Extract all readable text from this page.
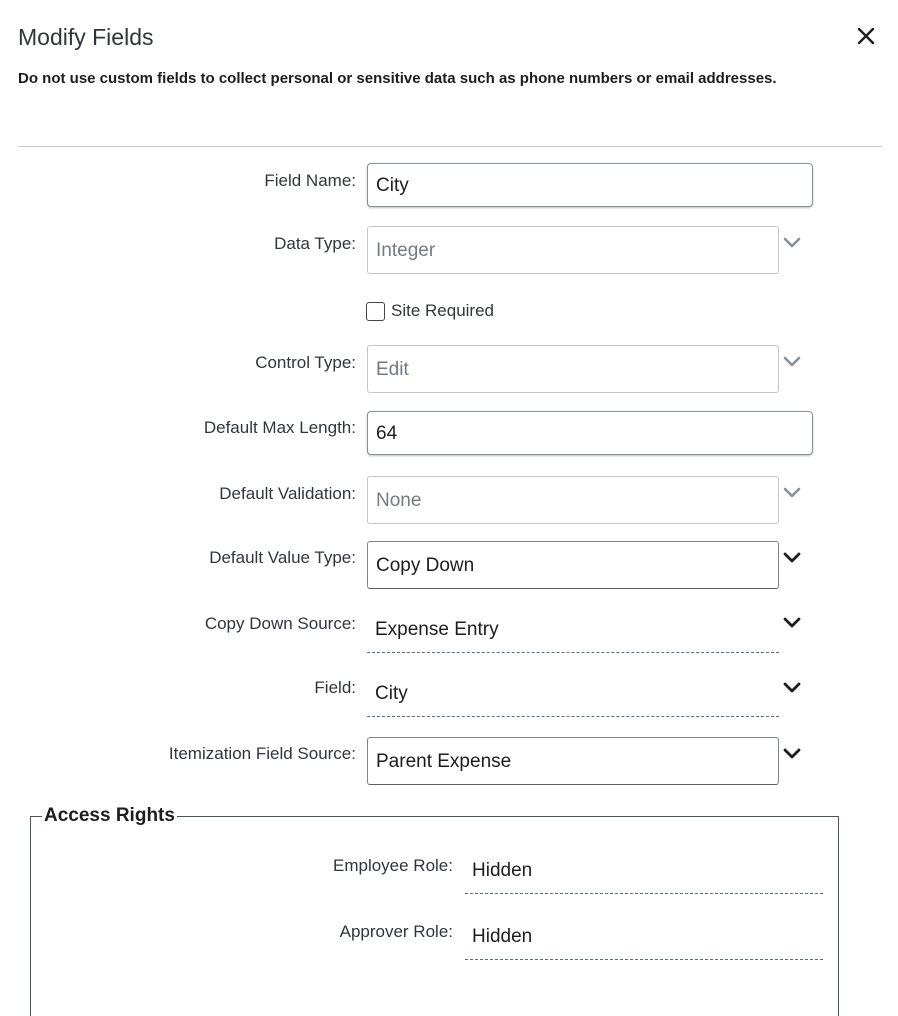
Modify Fields
Do not use custom fields to collect personal or sensitive data such as phone numbers or email addresses.
Field Name:	City
Data Type:	Integer
Site Required
Control Type:	Edit
Default Max Length:	64
Default Validation:	None
Default Value Type:	Copy Down
Copy Down Source:	Expense Entry
Field:	City
Itemization Field Source:	Parent Expense
Access Rights
Employee Role:	Hidden
Approver Role:	Hidden
